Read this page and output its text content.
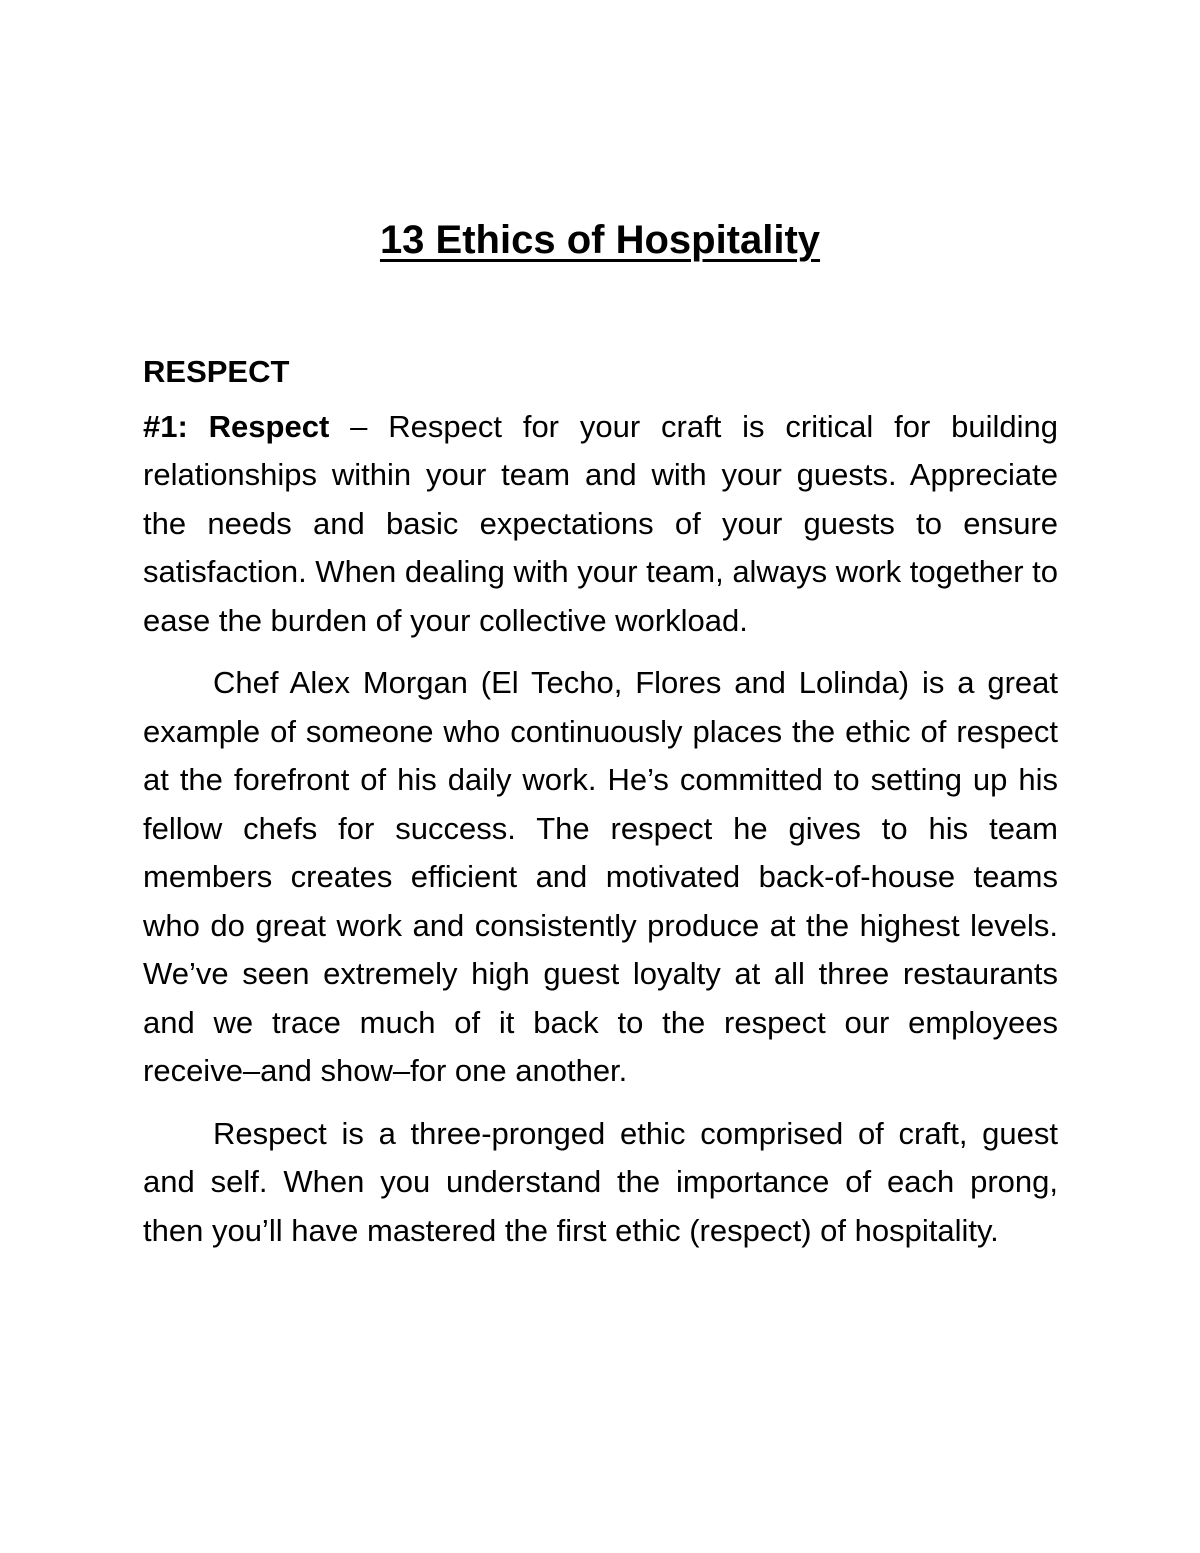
13 Ethics of Hospitality
RESPECT

#1: Respect – Respect for your craft is critical for building relationships within your team and with your guests. Appreciate the needs and basic expectations of your guests to ensure satisfaction. When dealing with your team, always work together to ease the burden of your collective workload.

Chef Alex Morgan (El Techo, Flores and Lolinda) is a great example of someone who continuously places the ethic of respect at the forefront of his daily work. He’s committed to setting up his fellow chefs for success. The respect he gives to his team members creates efficient and motivated back-of-house teams who do great work and consistently produce at the highest levels. We’ve seen extremely high guest loyalty at all three restaurants and we trace much of it back to the respect our employees receive–and show–for one another.

Respect is a three-pronged ethic comprised of craft, guest and self. When you understand the importance of each prong, then you’ll have mastered the first ethic (respect) of hospitality.
